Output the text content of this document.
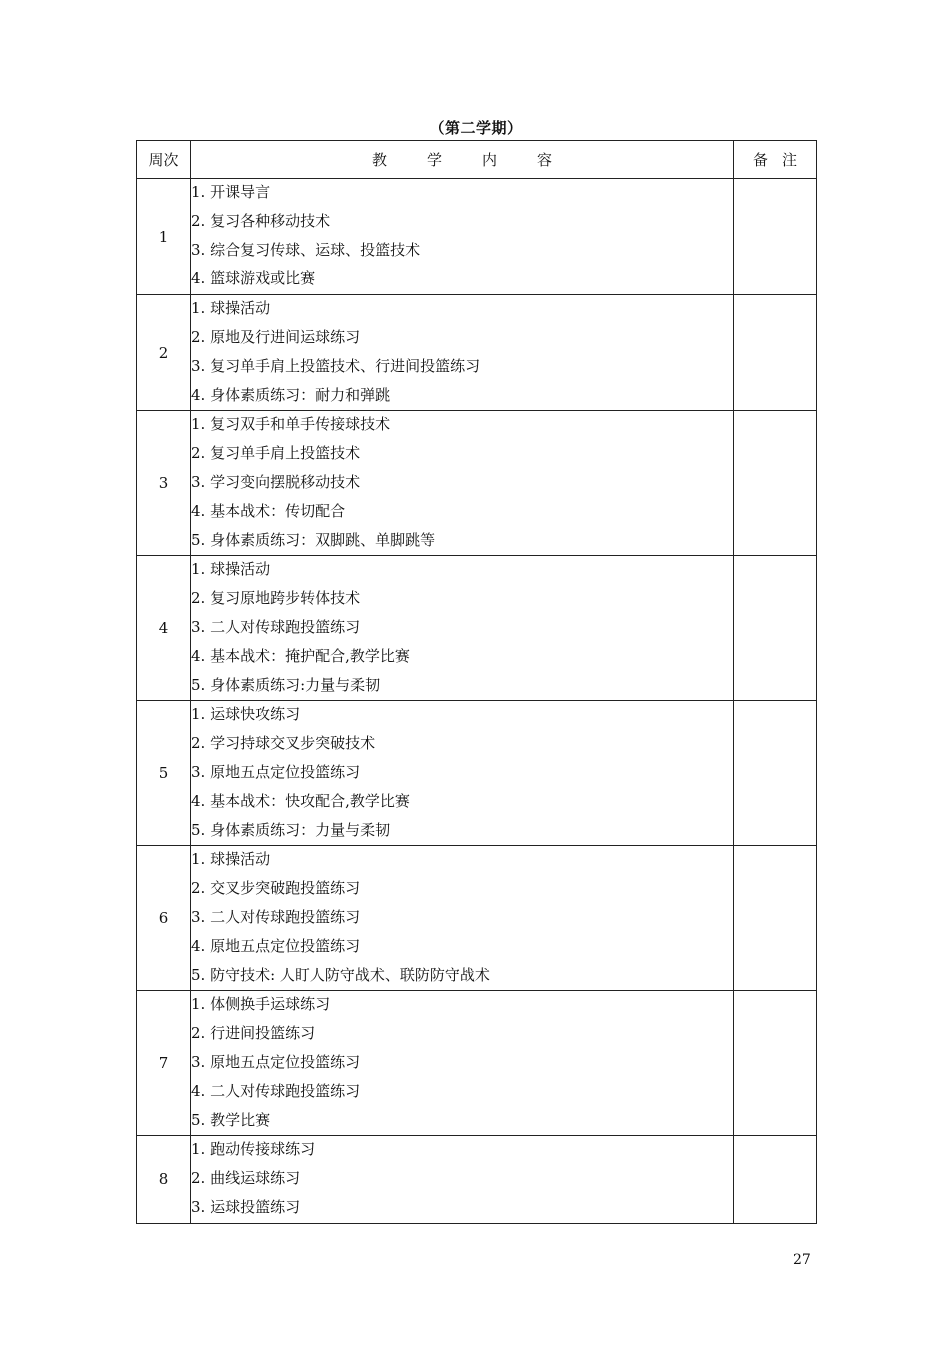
（第二学期）
周次	教学内容	备注
1	1. 开课导言
2. 复习各种移动技术
3. 综合复习传球、运球、投篮技术
4. 篮球游戏或比赛	

2	1. 球操活动
2. 原地及行进间运球练习
3. 复习单手肩上投篮技术、行进间投篮练习
4. 身体素质练习：耐力和弹跳	

3	1. 复习双手和单手传接球技术
2. 复习单手肩上投篮技术
3. 学习变向摆脱移动技术
4. 基本战术：传切配合
5. 身体素质练习：双脚跳、单脚跳等	

4	1. 球操活动
2. 复习原地跨步转体技术
3. 二人对传球跑投篮练习
4. 基本战术：掩护配合,教学比赛
5. 身体素质练习:力量与柔韧	

5	1. 运球快攻练习
2. 学习持球交叉步突破技术
3. 原地五点定位投篮练习
4. 基本战术：快攻配合,教学比赛
5. 身体素质练习：力量与柔韧	

6	1. 球操活动
2. 交叉步突破跑投篮练习
3. 二人对传球跑投篮练习
4. 原地五点定位投篮练习
5. 防守技术: 人盯人防守战术、联防防守战术	

7	1. 体侧换手运球练习
2. 行进间投篮练习
3. 原地五点定位投篮练习
4. 二人对传球跑投篮练习
5. 教学比赛	

8	1. 跑动传接球练习
2. 曲线运球练习
3. 运球投篮练习	

27
